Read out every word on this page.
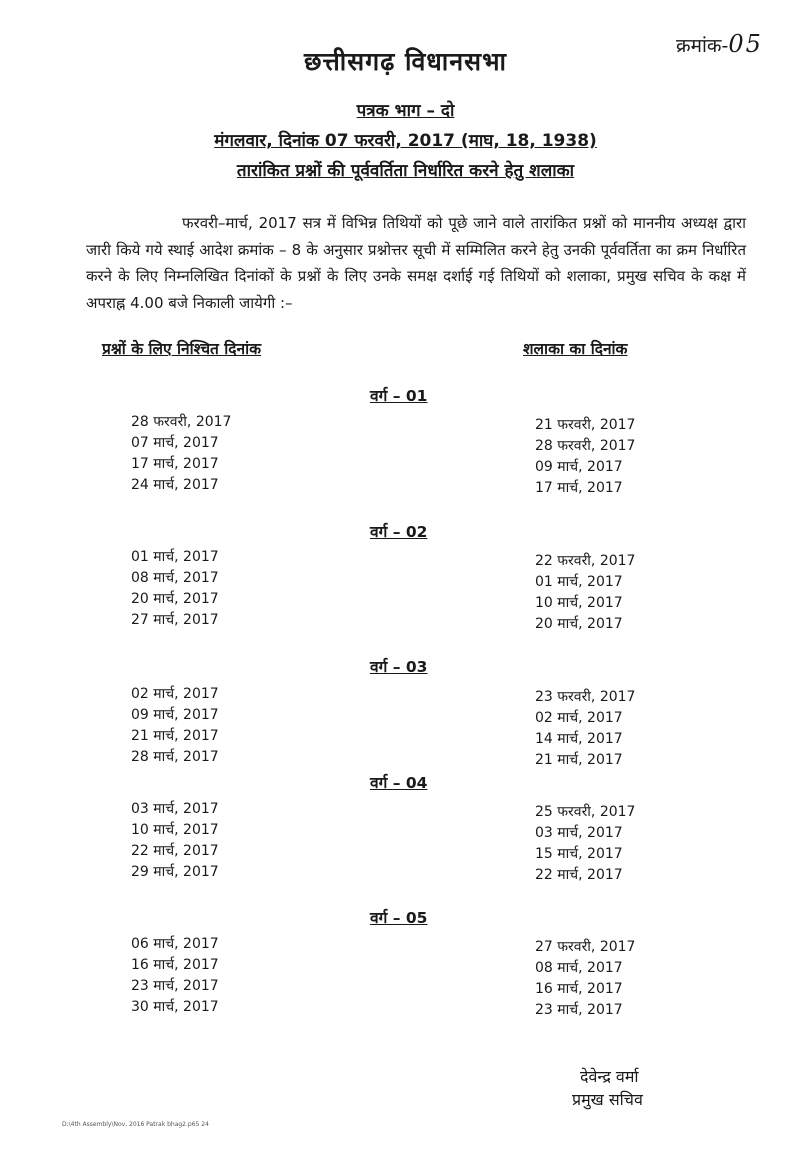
क्रमांक-05
छत्तीसगढ़ विधानसभा
पत्रक भाग – दो
मंगलवार, दिनांक 07 फरवरी, 2017 (माघ, 18, 1938)
तारांकित प्रश्नों की पूर्ववर्तिता निर्धारित करने हेतु शलाका
फरवरी–मार्च, 2017 सत्र में विभिन्न तिथियों को पूछे जाने वाले तारांकित प्रश्नों को माननीय अध्यक्ष द्वारा जारी किये गये स्थाई आदेश क्रमांक – 8 के अनुसार प्रश्नोत्तर सूची में सम्मिलित करने हेतु उनकी पूर्ववर्तिता का क्रम निर्धारित करने के लिए निम्नलिखित दिनांकों के प्रश्नों के लिए उनके समक्ष दर्शाई गई तिथियों को शलाका, प्रमुख सचिव के कक्ष में अपराह्न 4.00 बजे निकाली जायेगी :–
प्रश्नों के लिए निश्चित दिनांक	शलाका का दिनांक
वर्ग – 01
28 फरवरी, 2017
07 मार्च, 2017
17 मार्च, 2017
24 मार्च, 2017
21 फरवरी, 2017
28 फरवरी, 2017
09 मार्च, 2017
17 मार्च, 2017
वर्ग – 02
01 मार्च, 2017
08 मार्च, 2017
20 मार्च, 2017
27 मार्च, 2017
22 फरवरी, 2017
01 मार्च, 2017
10 मार्च, 2017
20 मार्च, 2017
वर्ग – 03
02 मार्च, 2017
09 मार्च, 2017
21 मार्च, 2017
28 मार्च, 2017
23 फरवरी, 2017
02 मार्च, 2017
14 मार्च, 2017
21 मार्च, 2017
वर्ग – 04
03 मार्च, 2017
10 मार्च, 2017
22 मार्च, 2017
29 मार्च, 2017
25 फरवरी, 2017
03 मार्च, 2017
15 मार्च, 2017
22 मार्च, 2017
वर्ग – 05
06 मार्च, 2017
16 मार्च, 2017
23 मार्च, 2017
30 मार्च, 2017
27 फरवरी, 2017
08 मार्च, 2017
16 मार्च, 2017
23 मार्च, 2017
देवेन्द्र वर्मा
प्रमुख सचिव
D:\4th Assembly\Nov, 2016 Patrak bhag2.p65 24
